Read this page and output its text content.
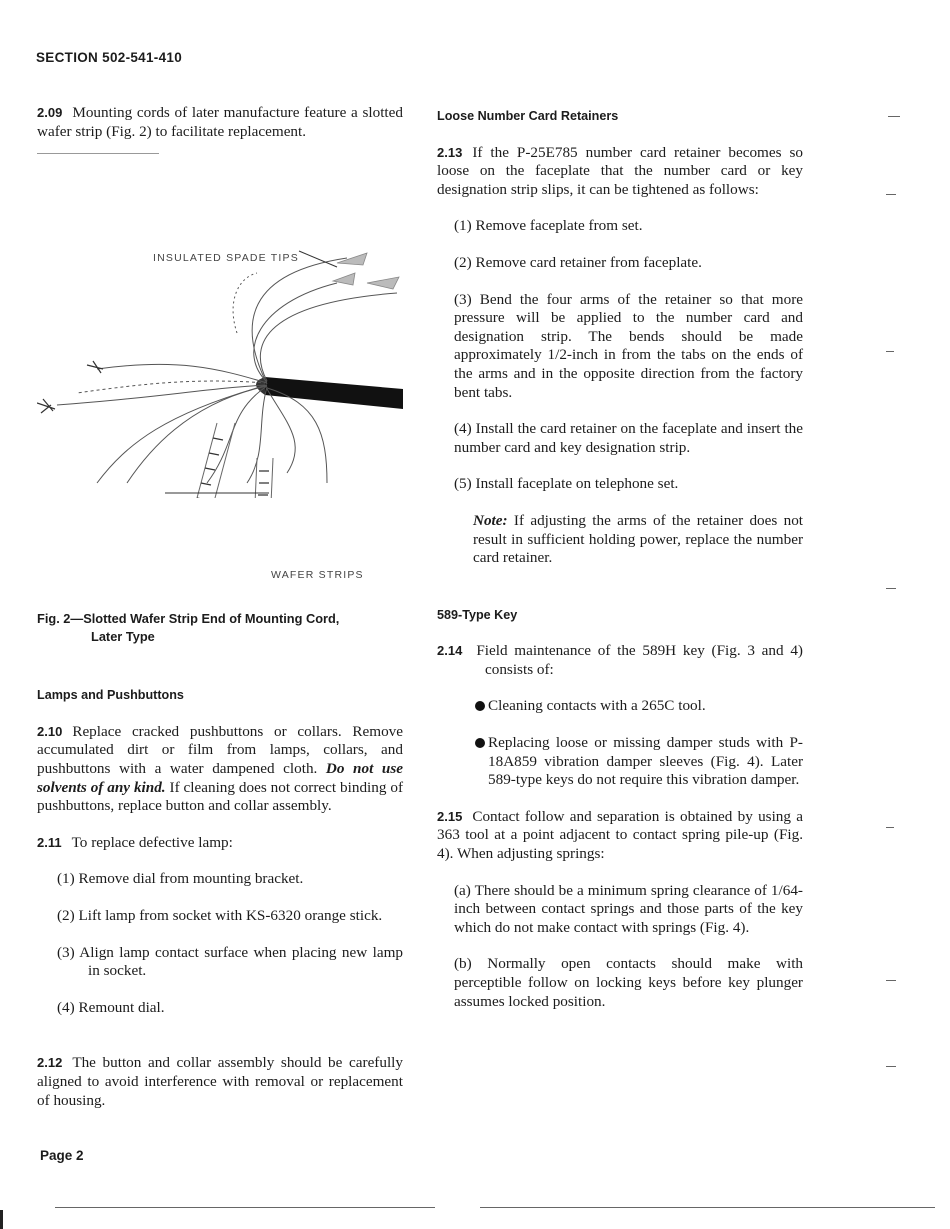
SECTION 502-541-410

2.09 Mounting cords of later manufacture feature a slotted wafer strip (Fig. 2) to facilitate replacement.

INSULATED SPADE TIPS
WAFER STRIPS

Fig. 2—Slotted Wafer Strip End of Mounting Cord,

Later Type

Lamps and Pushbuttons

2.10 Replace cracked pushbuttons or collars. Remove accumulated dirt or film from lamps, collars, and pushbuttons with a water dampened cloth. Do not use solvents of any kind. If cleaning does not correct binding of pushbuttons, replace button and collar assembly.

2.11 To replace defective lamp:

(1) Remove dial from mounting bracket.

(2) Lift lamp from socket with KS-6320 orange stick.

(3) Align lamp contact surface when placing new lamp in socket.

(4) Remount dial.

2.12 The button and collar assembly should be carefully aligned to avoid interference with removal or replacement of housing.

Loose Number Card Retainers

2.13 If the P-25E785 number card retainer becomes so loose on the faceplate that the number card or key designation strip slips, it can be tightened as follows:

(1) Remove faceplate from set.

(2) Remove card retainer from faceplate.

(3) Bend the four arms of the retainer so that more pressure will be applied to the number card and designation strip. The bends should be made approximately 1/2-inch in from the tabs on the ends of the arms and in the opposite direction from the factory bent tabs.

(4) Install the card retainer on the faceplate and insert the number card and key designation strip.

(5) Install faceplate on telephone set.

Note: If adjusting the arms of the retainer does not result in sufficient holding power, replace the number card retainer.

589-Type Key

2.14 Field maintenance of the 589H key (Fig. 3 and 4) consists of:

Cleaning contacts with a 265C tool.

Replacing loose or missing damper studs with P-18A859 vibration damper sleeves (Fig. 4). Later 589-type keys do not require this vibration damper.

2.15 Contact follow and separation is obtained by using a 363 tool at a point adjacent to contact spring pile-up (Fig. 4). When adjusting springs:

(a) There should be a minimum spring clearance of 1/64-inch between contact springs and those parts of the key which do not make contact with springs (Fig. 4).

(b) Normally open contacts should make with perceptible follow on locking keys before key plunger assumes locked position.

Page 2
